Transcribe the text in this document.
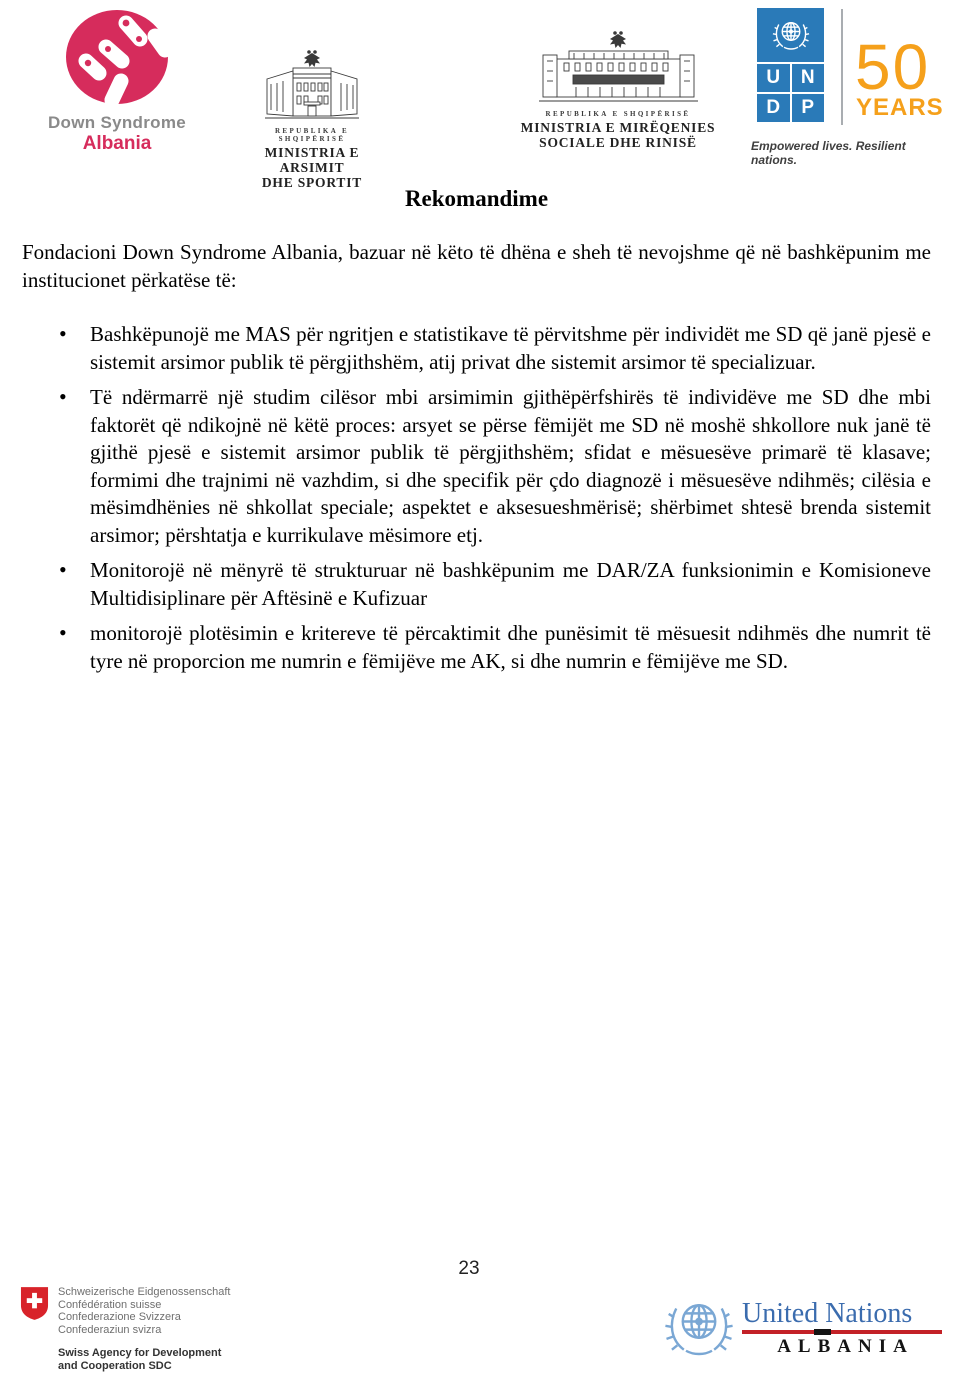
Down Syndrome
Albania
REPUBLIKA E SHQIPËRISË
MINISTRIA E ARSIMIT
DHE SPORTIT
REPUBLIKA E SHQIPËRISË
MINISTRIA E MIRËQENIES
SOCIALE DHE RINISË
U	N
D	P
50
YEARS
Empowered lives. Resilient nations.
Rekomandime

Fondacioni Down Syndrome Albania, bazuar në këto të dhëna e sheh të nevojshme që në bashkëpunim me institucionet përkatëse të:

• Bashkëpunojë me MAS për ngritjen e statistikave të përvitshme për individët me SD që janë pjesë e sistemit arsimor publik të përgjithshëm, atij privat dhe sistemit arsimor të specializuar.
• Të ndërmarrë një studim cilësor mbi arsimimin gjithëpërfshirës të individëve me SD dhe mbi faktorët që ndikojnë në këtë proces: arsyet se përse fëmijët me SD në moshë shkollore nuk janë të gjithë pjesë e sistemit arsimor publik të përgjithshëm; sfidat e mësuesëve primarë të klasave; formimi dhe trajnimi në vazhdim, si dhe specifik për çdo diagnozë i mësuesëve ndihmës; cilësia e mësimdhënies në shkollat speciale; aspektet e aksesueshmërisë; shërbimet shtesë brenda sistemit arsimor; përshtatja e kurrikulave mësimore etj.
• Monitorojë në mënyrë të strukturuar në bashkëpunim me DAR/ZA funksionimin e Komisioneve Multidisiplinare për Aftësinë e Kufizuar
• monitorojë plotësimin e kritereve të përcaktimit dhe punësimit të mësuesit ndihmës dhe numrit të tyre në proporcion me numrin e fëmijëve me AK, si dhe numrin e fëmijëve me SD.
23
Schweizerische Eidgenossenschaft
Confédération suisse
Confederazione Svizzera
Confederaziun svizra
Swiss Agency for Development
and Cooperation SDC
United Nations
ALBANIA
